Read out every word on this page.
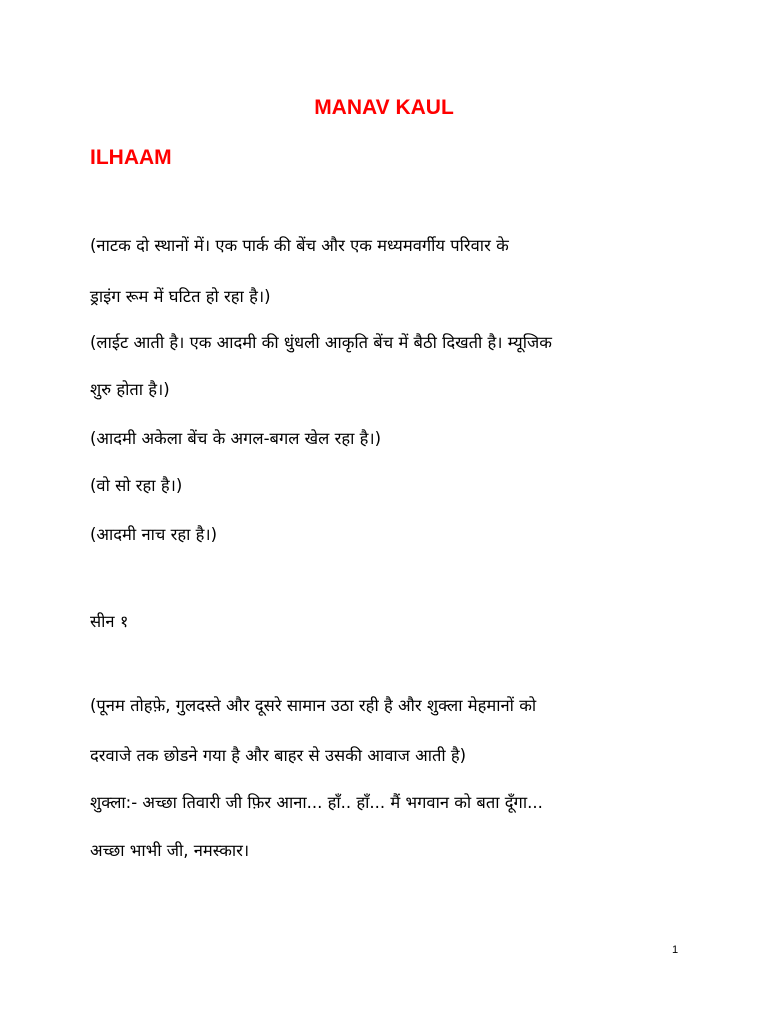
MANAV KAUL
ILHAAM

(नाटक दो स्थानों में। एक पार्क की बेंच और एक मध्यमवर्गीय परिवार के

ड्राइंग रूम में घटित हो रहा है।)

(लाईट आती है। एक आदमी की धुंधली आकृति बेंच में बैठी दिखती है। म्यूजिक

शुरु होता है।)

(आदमी अकेला बेंच के अगल-बगल खेल रहा है।)

(वो सो रहा है।)

(आदमी नाच रहा है।)

सीन १

(पूनम तोहफ़े, गुलदस्ते और दूसरे सामान उठा रही है और शुक्ला मेहमानों को

दरवाजे तक छोडने गया है और बाहर से उसकी आवाज आती है)

शुक्ला:- अच्छा तिवारी जी फ़िर आना... हाँ.. हाँ... मैं भगवान को बता दूँगा...

अच्छा भाभी जी, नमस्कार।

1
